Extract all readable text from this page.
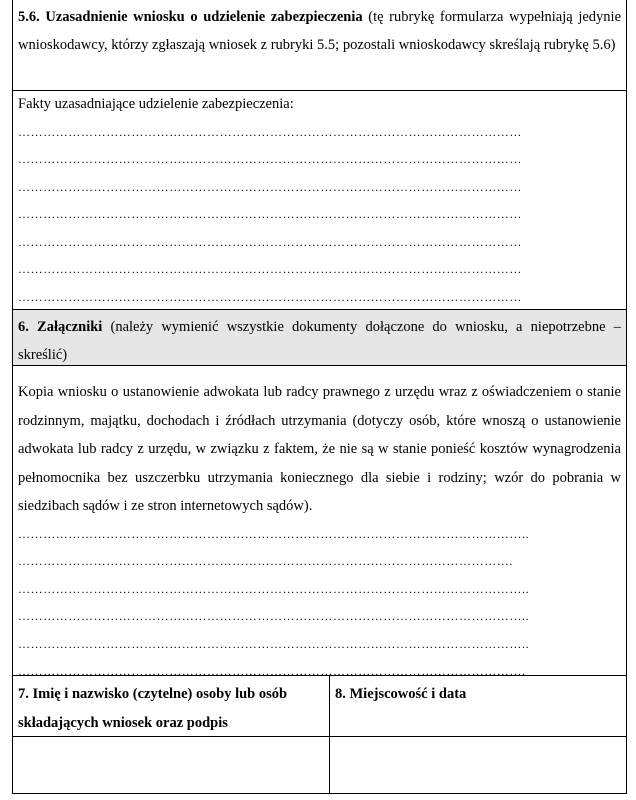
5.6. Uzasadnienie wniosku o udzielenie zabezpieczenia (tę rubrykę formularza wypełniają jedynie wnioskodawcy, którzy zgłaszają wniosek z rubryki 5.5; pozostali wnioskodawcy skreślają rubrykę 5.6)
Fakty uzasadniające udzielenie zabezpieczenia:
…………………………………………………………………………………………………………
…………………………………………………………………………………………………………
…………………………………………………………………………………………………………
…………………………………………………………………………………………………………
…………………………………………………………………………………………………………
…………………………………………………………………………………………………………
…………………………………………………………………………………………………………
6. Załączniki (należy wymienić wszystkie dokumenty dołączone do wniosku, a niepotrzebne – skreślić)
Kopia wniosku o ustanowienie adwokata lub radcy prawnego z urzędu wraz z oświadczeniem o stanie rodzinnym, majątku, dochodach i źródłach utrzymania (dotyczy osób, które wnoszą o ustanowienie adwokata lub radcy z urzędu, w związku z faktem, że nie są w stanie ponieść kosztów wynagrodzenia pełnomocnika bez uszczerbku utrzymania koniecznego dla siebie i rodziny; wzór do pobrania w siedzibach sądów i ze stron internetowych sądów).
…………………………………………………………………………………………………………..
……………………………………………………………………………………………………….
…………………………………………………………………………………………………………..
…………………………………………………………………………………………………………..
…………………………………………………………………………………………………………..
………………………………………………………………………………………………………….
7. Imię i nazwisko (czytelne) osoby lub osób składających wniosek oraz podpis
8. Miejscowość i data
